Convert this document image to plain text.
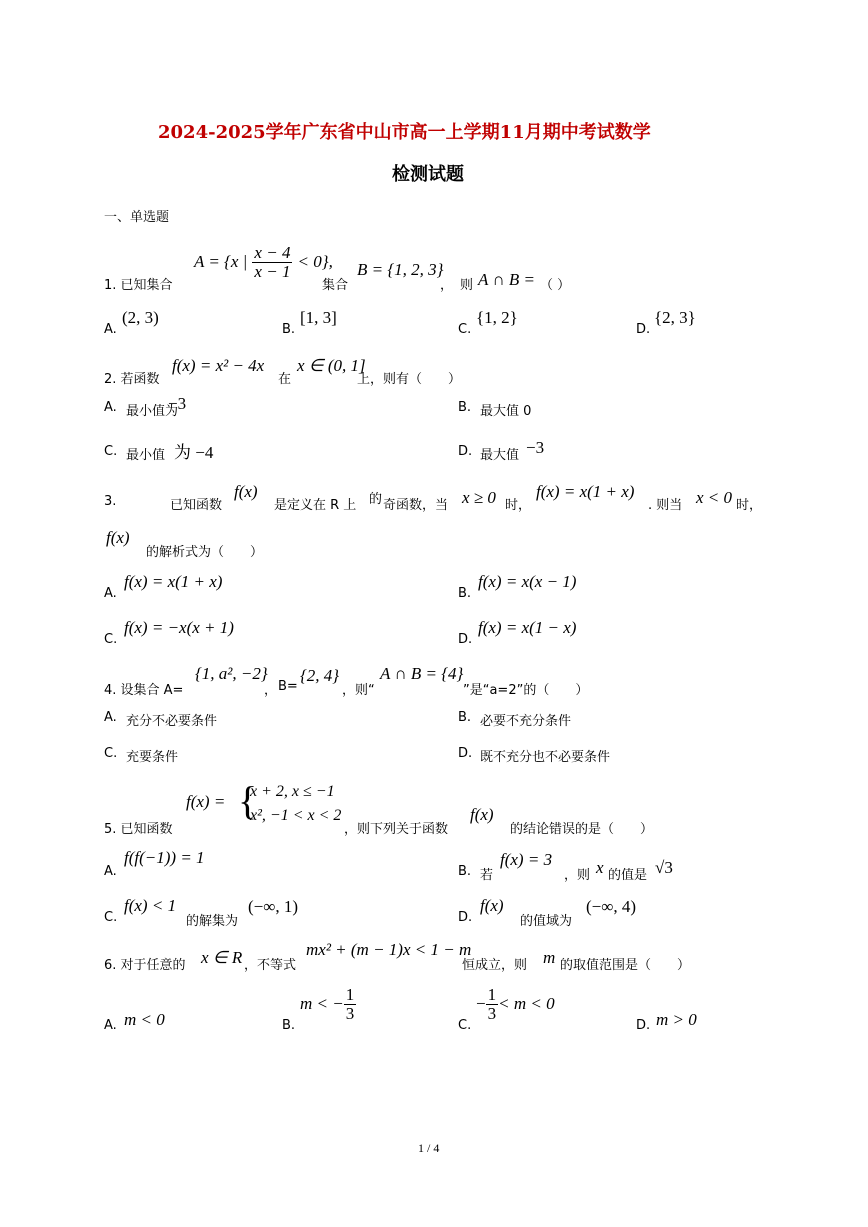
2024-2025学年广东省中山市高一上学期11月期中考试数学
检测试题
一、单选题
1. 已知集合
A = {x | $\frac{x - 4}{x - 1} < 0$},
集合
B = {1, 2, 3}
， 则 A ∩ B = （ ）
A.
(2, 3)
B.
[1, 3]
C.
{1, 2}
D.
{2, 3}
2. 若函数
f(x) = x² − 4x
在
x ∈ (0, 1]
上，则有（　　）
A. 最小值为
−3	B. 最大值 0
C. 最小值 为 −4	D. 最大值 −3
3.	已知函数
f(x)
是定义在 R 上 的 奇函数，当 x ≥ 0 时，
f(x) = x(1 + x)
. 则当 x < 0 时，
f(x)
的解析式为（　　）
A.
f(x) = x(1 + x)
B.
f(x) = x(x − 1)
C.
f(x) = −x(x + 1)
D.
f(x) = x(1 − x)
4. 设集合 A=
{1, a², −2}
， B=
{2, 4}
，则“
A ∩ B = {4}
”是“a=2”的（　　）
A. 充分不必要条件	B. 必要不充分条件
C. 充要条件	D. 既不充分也不必要条件
5. 已知函数
f(x) = {
x + 2, x ≤ −1
x², −1 < x < 2
，则下列关于函数
f(x)
的结论错误的是（　　）
A.
f(f(−1)) = 1
B. 若
f(x) = 3
，则 x 的值是 √3
C.
f(x) < 1
的解集为
(−∞, 1)
D.
f(x)
的值域为
(−∞, 4)
6. 对于任意的 x ∈ R ，不等式
mx² + (m − 1)x < 1 − m
恒成立，则 m 的取值范围是（　　）
A. m < 0	B.
m < − $\frac{1}{3}$
C.
− $\frac{1}{3} < m < 0$
D. m > 0
1 / 4
